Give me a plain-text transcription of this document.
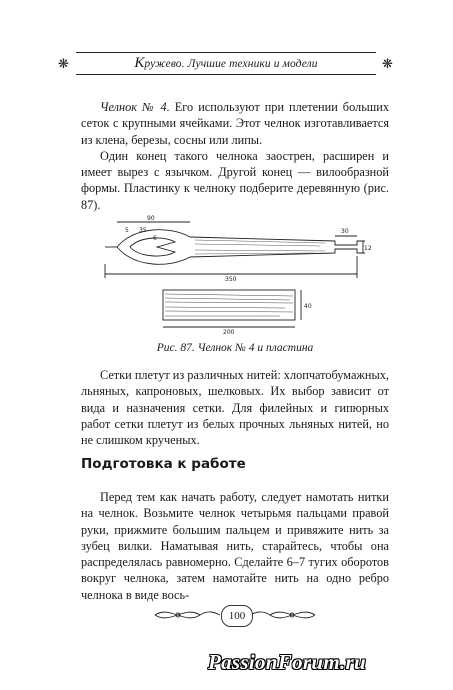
Кружево. Лучшие техники и модели
❋	❋

Челнок № 4. Его используют при плетении больших сеток с крупными ячейками. Этот челнок изготавливается из клена, березы, сосны или липы.

Один конец такого челнока заострен, расширен и имеет вырез с язычком. Другой конец — вилообразной формы. Пластинку к челноку подберите деревянную (рис. 87).

90
5 35
6
30
12
350
40
200
Рис. 87. Челнок № 4 и пластина

Сетки плетут из различных нитей: хлопчатобумажных, льняных, капроновых, шелковых. Их выбор зависит от вида и назначения сетки. Для филейных и гипюрных работ сетки плетут из белых прочных льняных нитей, но не слишком крученых.

Подготовка к работе

Перед тем как начать работу, следует намотать нитки на челнок. Возьмите челнок четырьмя пальцами правой руки, прижмите большим пальцем и привяжите нить за зубец вилки. Наматывая нить, старайтесь, чтобы она распределялась равномерно. Сделайте 6–7 тугих оборотов вокруг челнока, затем намотайте нить на одно ребро челнока в виде вось-

100
PassionForum.ru
